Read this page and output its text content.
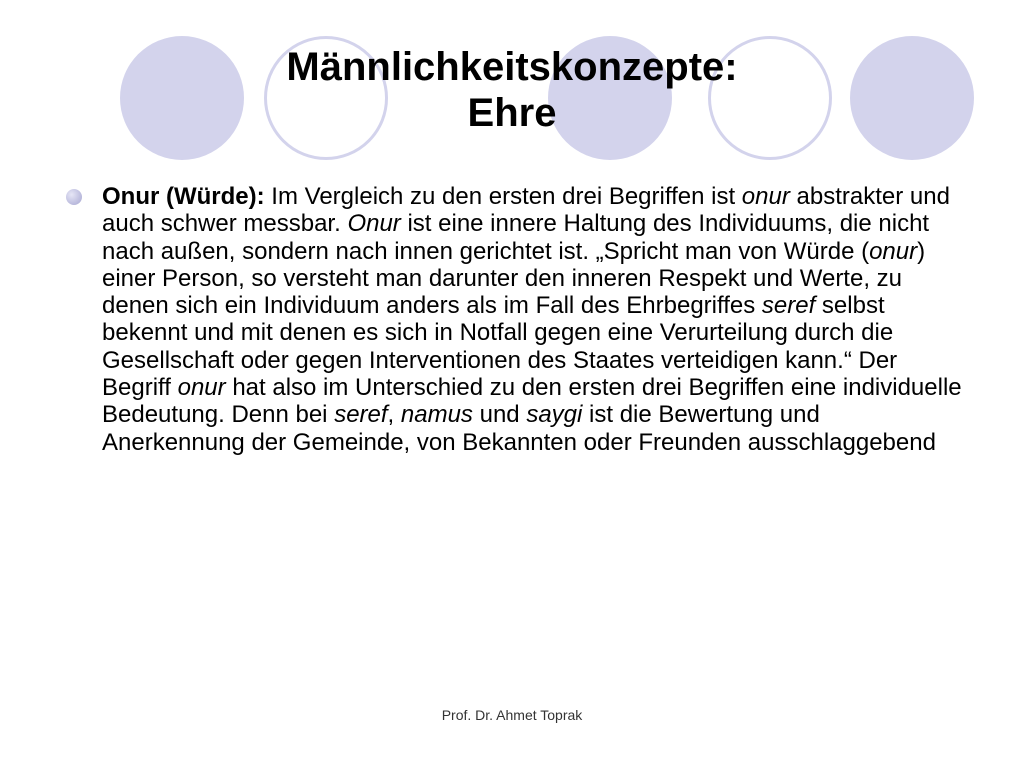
Männlichkeitskonzepte:
Ehre
Onur (Würde): Im Vergleich zu den ersten drei Begriffen ist onur abstrakter und auch schwer messbar. Onur ist eine innere Haltung des Individuums, die nicht nach außen, sondern nach innen gerichtet ist. „Spricht man von Würde (onur) einer Person, so versteht man darunter den inneren Respekt und Werte, zu denen sich ein Individuum anders als im Fall des Ehrbegriffes seref selbst bekennt und mit denen es sich in Notfall gegen eine Verurteilung durch die Gesellschaft oder gegen Interventionen des Staates verteidigen kann.“ Der Begriff onur hat also im Unterschied zu den ersten drei Begriffen eine individuelle Bedeutung. Denn bei seref, namus und saygi ist die Bewertung und Anerkennung der Gemeinde, von Bekannten oder Freunden ausschlaggebend
Prof. Dr. Ahmet Toprak
